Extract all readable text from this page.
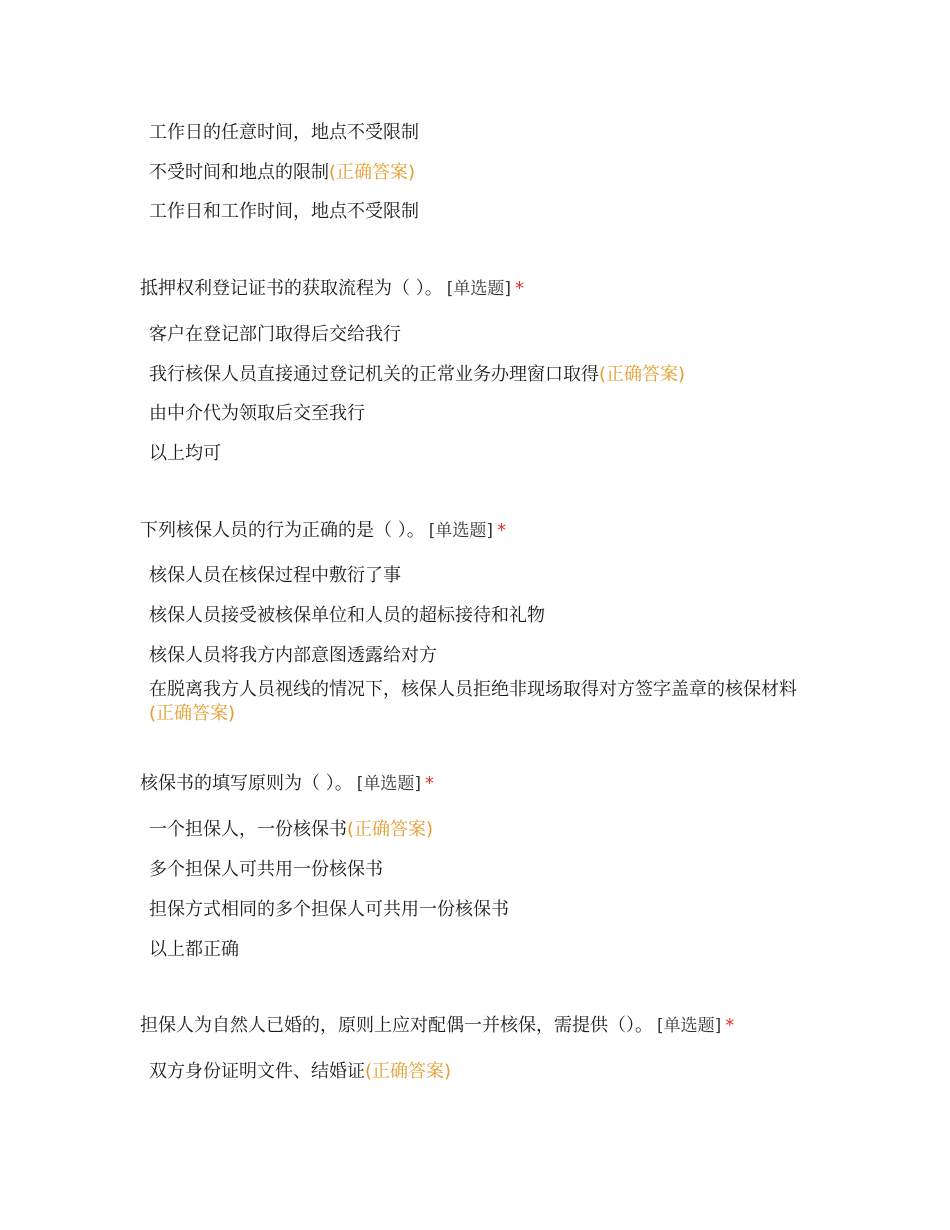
工作日的任意时间，地点不受限制
不受时间和地点的限制(正确答案)
工作日和工作时间，地点不受限制
抵押权利登记证书的获取流程为（ ）。 [单选题] *
客户在登记部门取得后交给我行
我行核保人员直接通过登记机关的正常业务办理窗口取得(正确答案)
由中介代为领取后交至我行
以上均可
下列核保人员的行为正确的是（ ）。 [单选题] *
核保人员在核保过程中敷衍了事
核保人员接受被核保单位和人员的超标接待和礼物
核保人员将我方内部意图透露给对方
在脱离我方人员视线的情况下，核保人员拒绝非现场取得对方签字盖章的核保材料(正确答案)
核保书的填写原则为（ ）。 [单选题] *
一个担保人，一份核保书(正确答案)
多个担保人可共用一份核保书
担保方式相同的多个担保人可共用一份核保书
以上都正确
担保人为自然人已婚的，原则上应对配偶一并核保，需提供（）。 [单选题] *
双方身份证明文件、结婚证(正确答案)
